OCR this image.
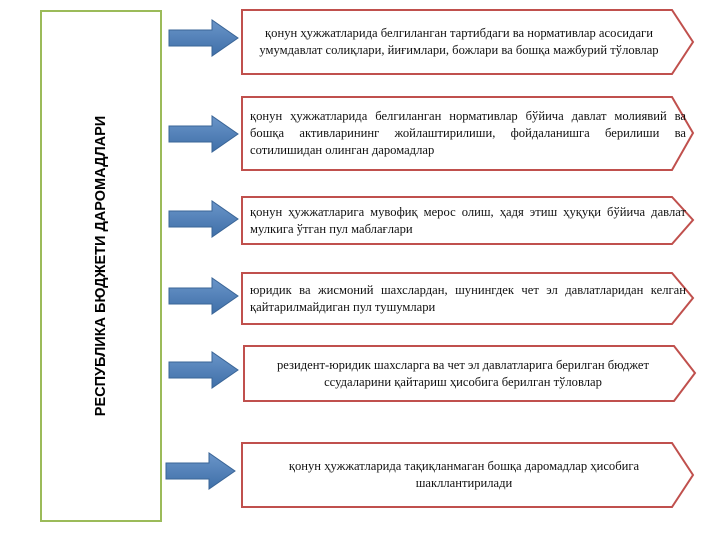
РЕСПУБЛИКА БЮДЖЕТИ ДАРОМАДЛАРИ
қонун ҳужжатларида белгиланган тартибдаги ва нормативлар асосидаги умумдавлат солиқлари, йиғимлари, божлари ва бошқа мажбурий тўловлар
қонун ҳужжатларида белгиланган нормативлар бўйича давлат молиявий ва бошқа активларининг жойлаштирилиши, фойдаланишга берилиши ва сотилишидан олинган даромадлар
қонун ҳужжатларига мувофиқ мерос олиш, ҳадя этиш ҳуқуқи бўйича давлат мулкига ўтган пул маблағлари
юридик ва жисмоний шахслардан, шунингдек чет эл давлатларидан келган қайтарилмайдиган пул тушумлари
резидент-юридик шахсларга ва чет эл давлатларига берилган бюджет ссудаларини қайтариш ҳисобига берилган тўловлар
қонун ҳужжатларида тақиқланмаган бошқа даромадлар ҳисобига шакллантирилади
